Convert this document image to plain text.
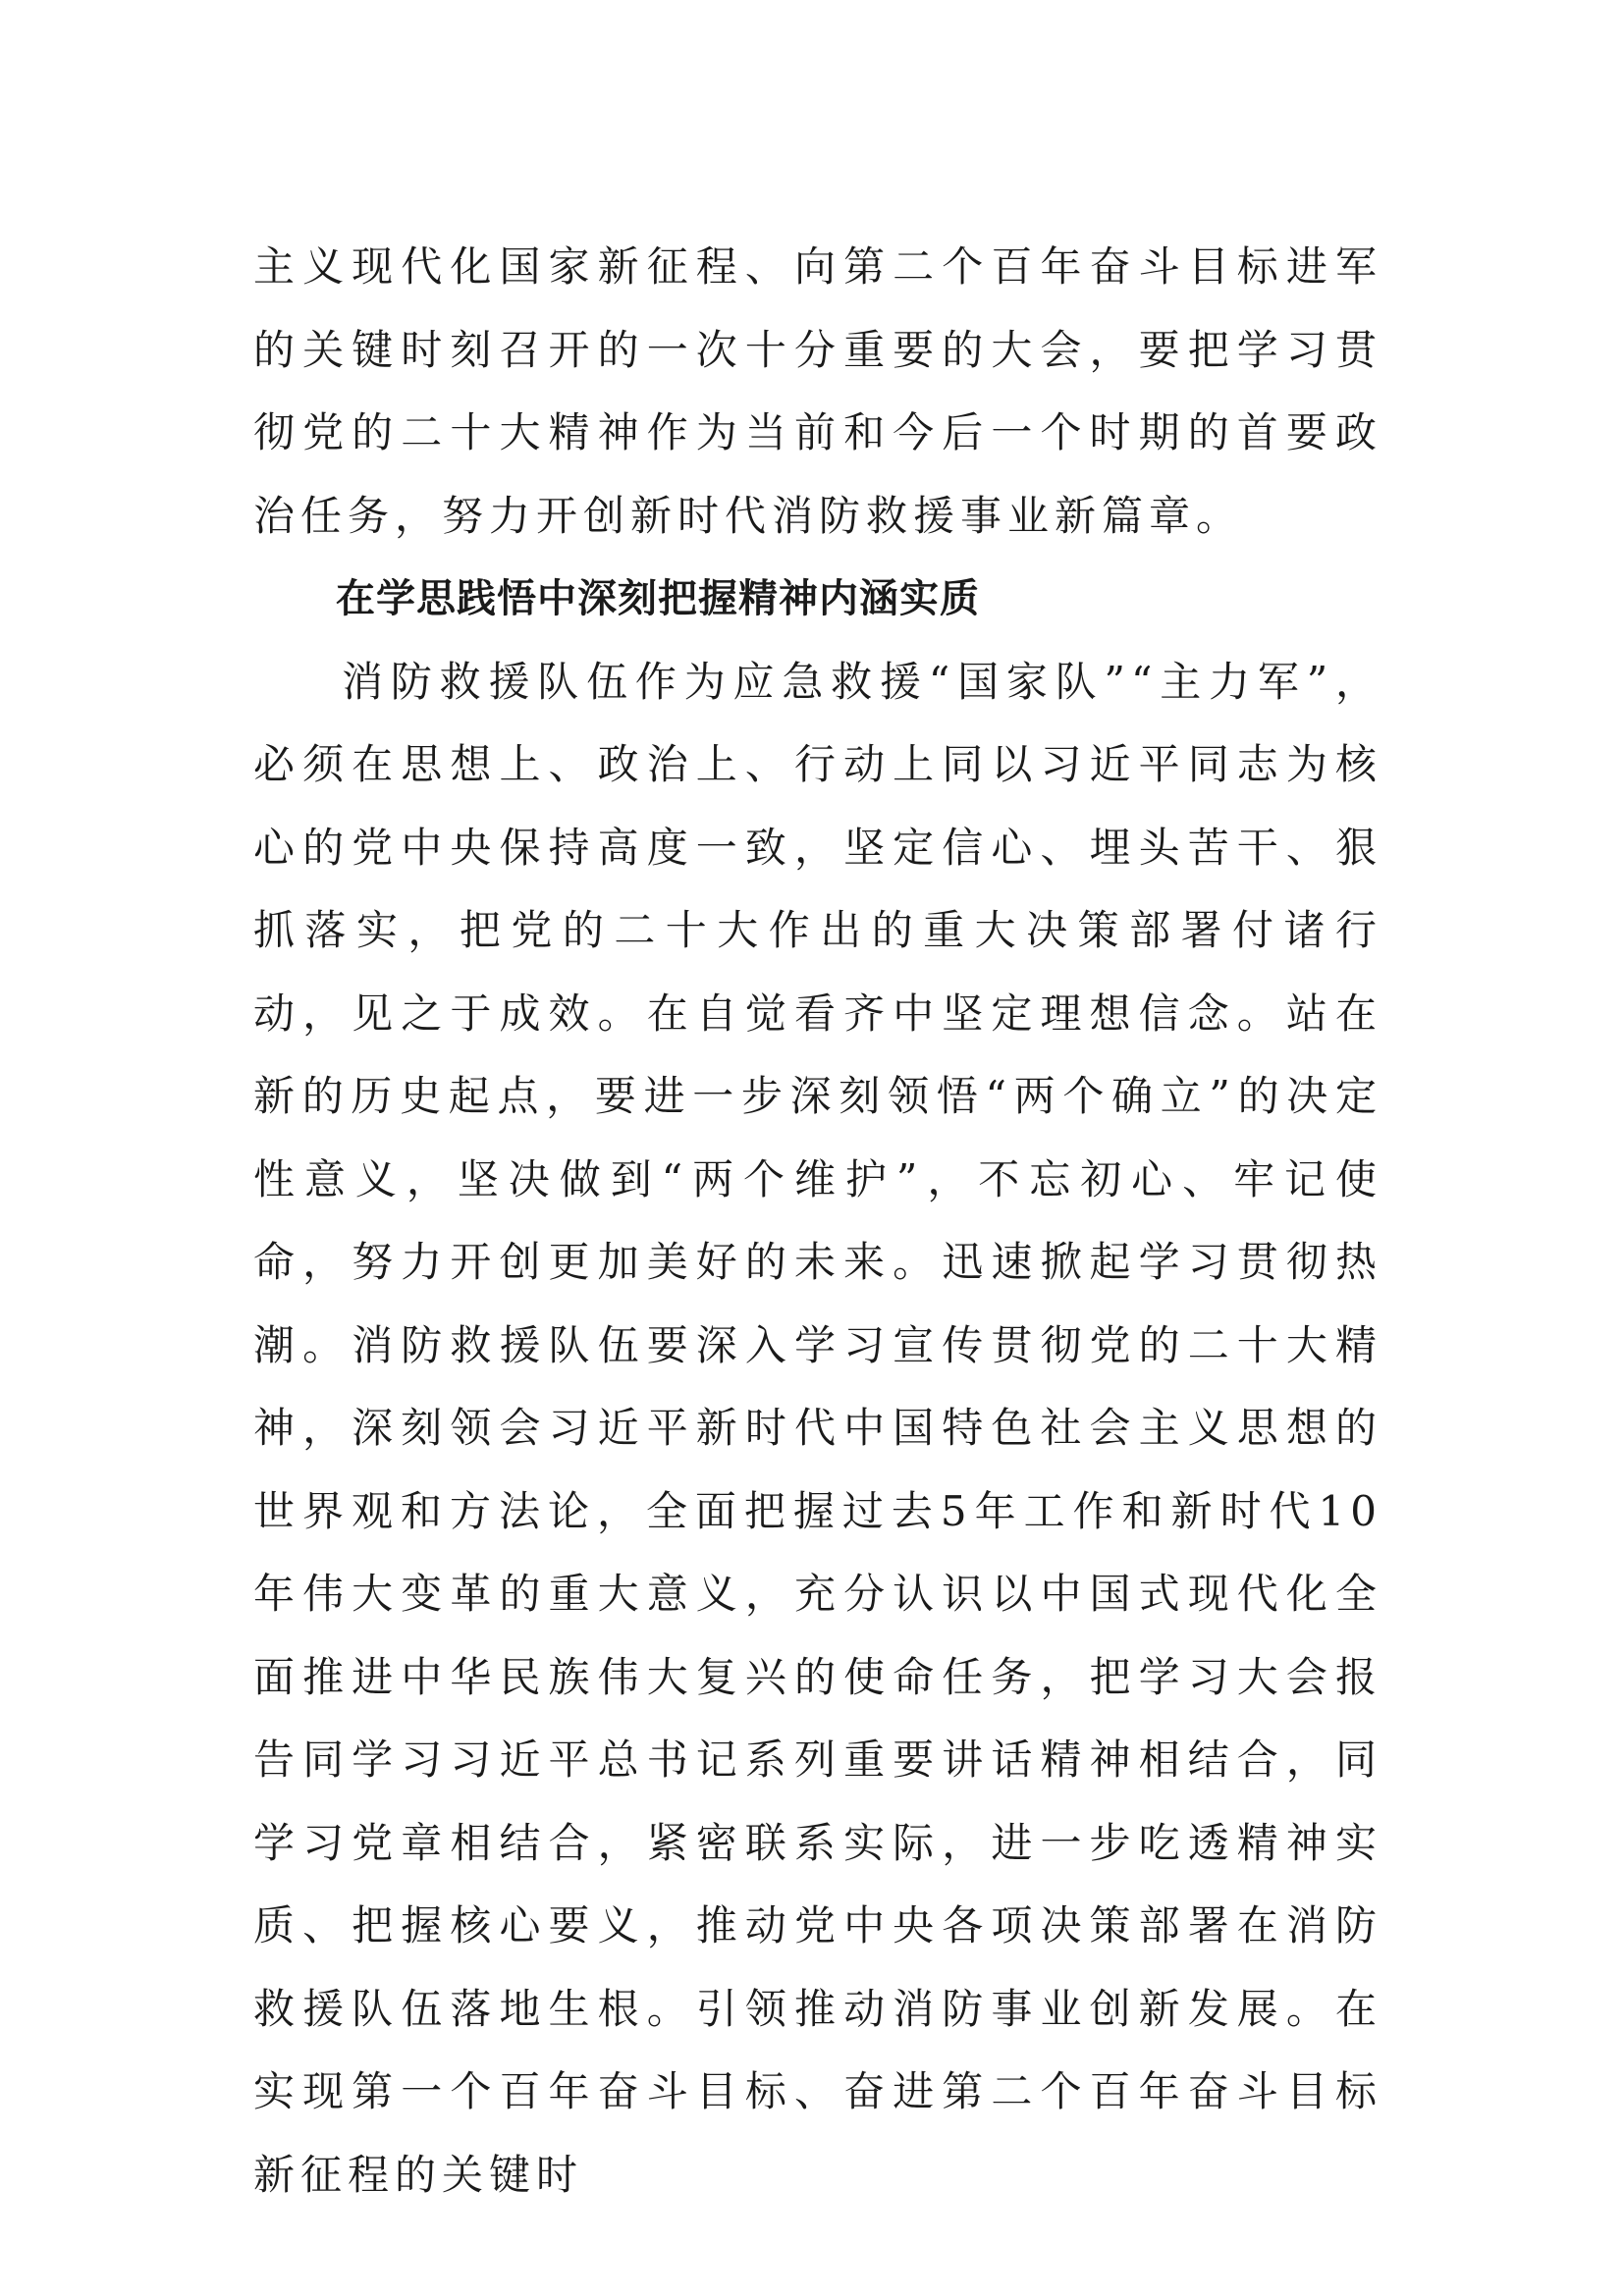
主义现代化国家新征程、向第二个百年奋斗目标进军的关键时刻召开的一次十分重要的大会，要把学习贯彻党的二十大精神作为当前和今后一个时期的首要政治任务，努力开创新时代消防救援事业新篇章。

在学思践悟中深刻把握精神内涵实质

消防救援队伍作为应急救援“国家队”“主力军”，必须在思想上、政治上、行动上同以习近平同志为核心的党中央保持高度一致，坚定信心、埋头苦干、狠抓落实，把党的二十大作出的重大决策部署付诸行动，见之于成效。在自觉看齐中坚定理想信念。站在新的历史起点，要进一步深刻领悟“两个确立”的决定性意义，坚决做到“两个维护”，不忘初心、牢记使命，努力开创更加美好的未来。迅速掀起学习贯彻热潮。消防救援队伍要深入学习宣传贯彻党的二十大精神，深刻领会习近平新时代中国特色社会主义思想的世界观和方法论，全面把握过去5年工作和新时代10年伟大变革的重大意义，充分认识以中国式现代化全面推进中华民族伟大复兴的使命任务，把学习大会报告同学习习近平总书记系列重要讲话精神相结合，同学习党章相结合，紧密联系实际，进一步吃透精神实质、把握核心要义，推动党中央各项决策部署在消防救援队伍落地生根。引领推动消防事业创新发展。在实现第一个百年奋斗目标、奋进第二个百年奋斗目标新征程的关键时
